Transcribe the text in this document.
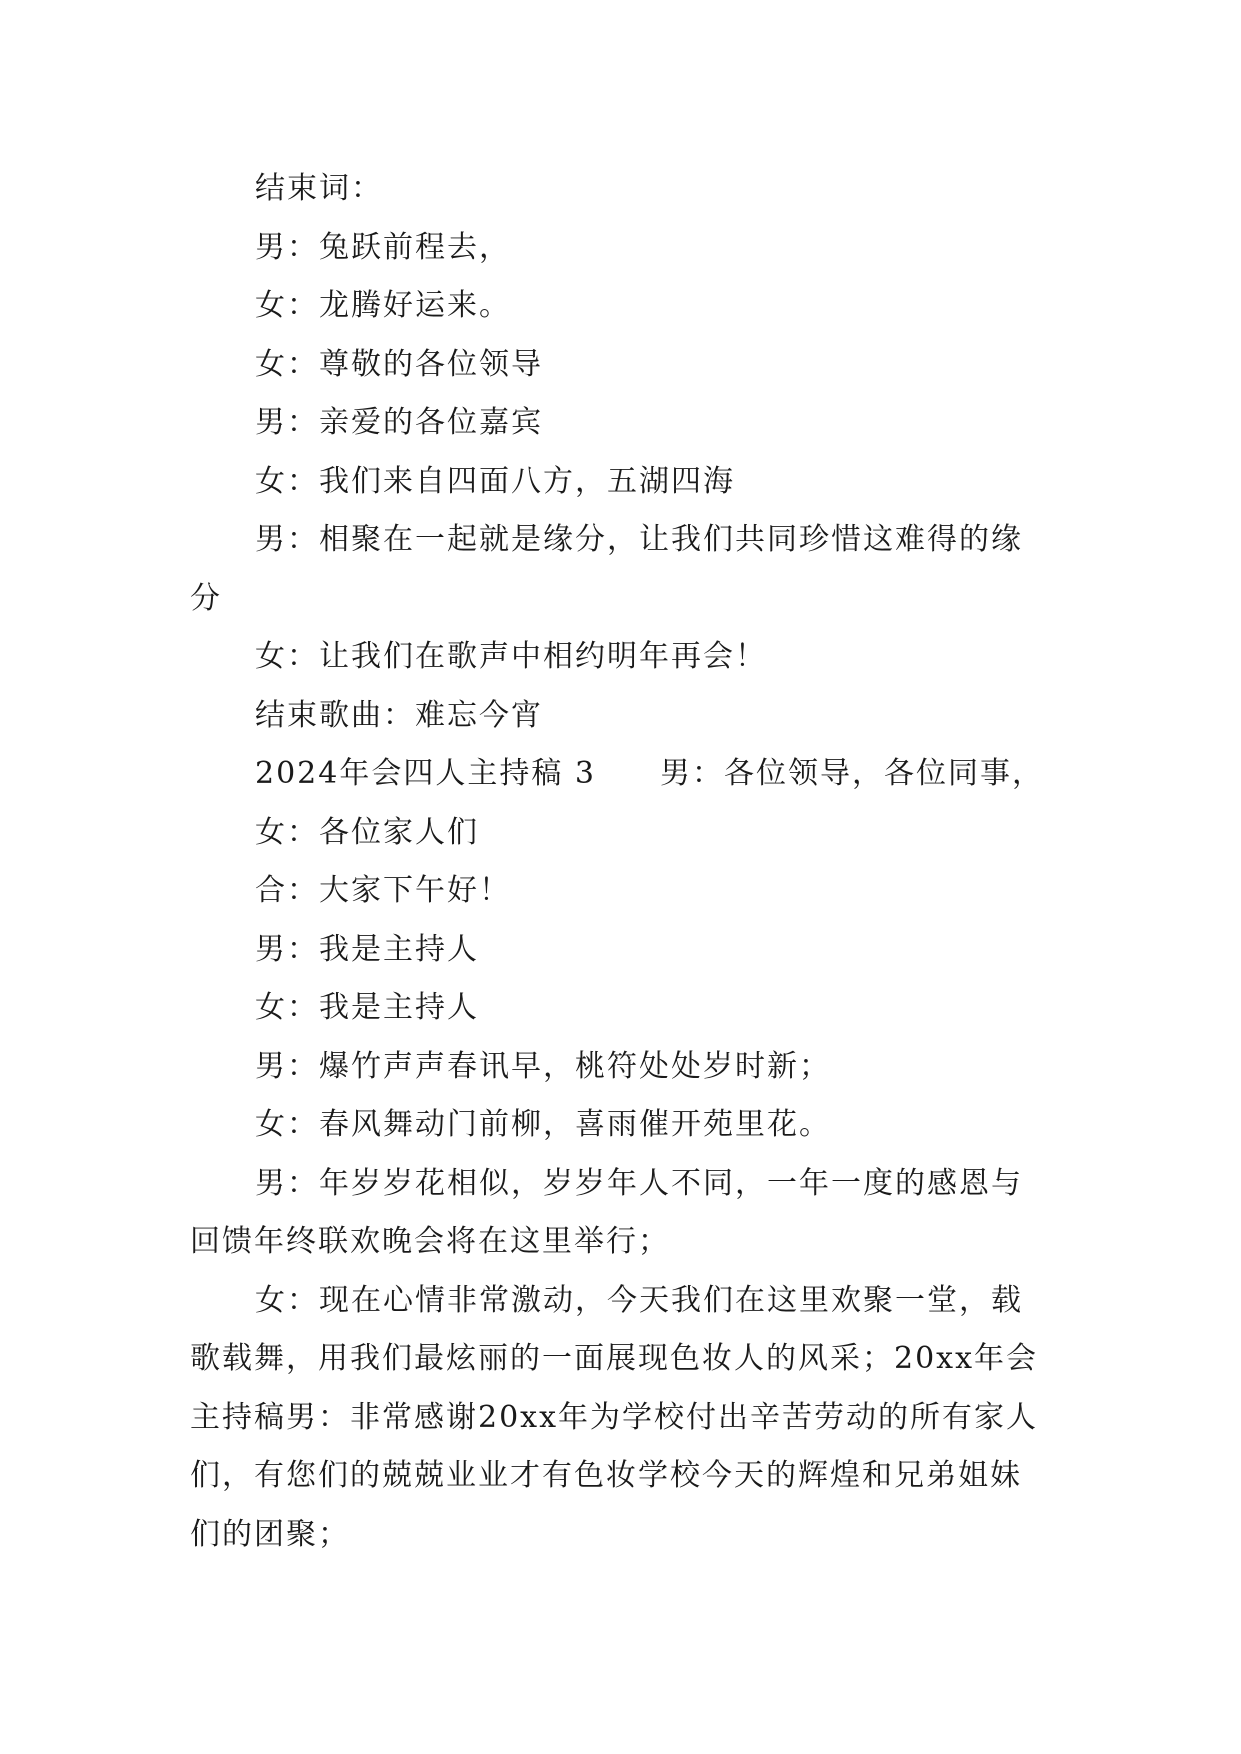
结束词：

男：兔跃前程去，

女：龙腾好运来。

女：尊敬的各位领导

男：亲爱的各位嘉宾

女：我们来自四面八方，五湖四海

男：相聚在一起就是缘分，让我们共同珍惜这难得的缘分

女：让我们在歌声中相约明年再会！

结束歌曲：难忘今宵

2024年会四人主持稿 3　　男：各位领导，各位同事，

女：各位家人们

合：大家下午好！

男：我是主持人

女：我是主持人

男：爆竹声声春讯早，桃符处处岁时新；

女：春风舞动门前柳，喜雨催开苑里花。

男：年岁岁花相似，岁岁年人不同，一年一度的感恩与回馈年终联欢晚会将在这里举行；

女：现在心情非常激动，今天我们在这里欢聚一堂，载歌载舞，用我们最炫丽的一面展现色妆人的风采；20xx年会主持稿男：非常感谢20xx年为学校付出辛苦劳动的所有家人们，有您们的兢兢业业才有色妆学校今天的辉煌和兄弟姐妹们的团聚；
